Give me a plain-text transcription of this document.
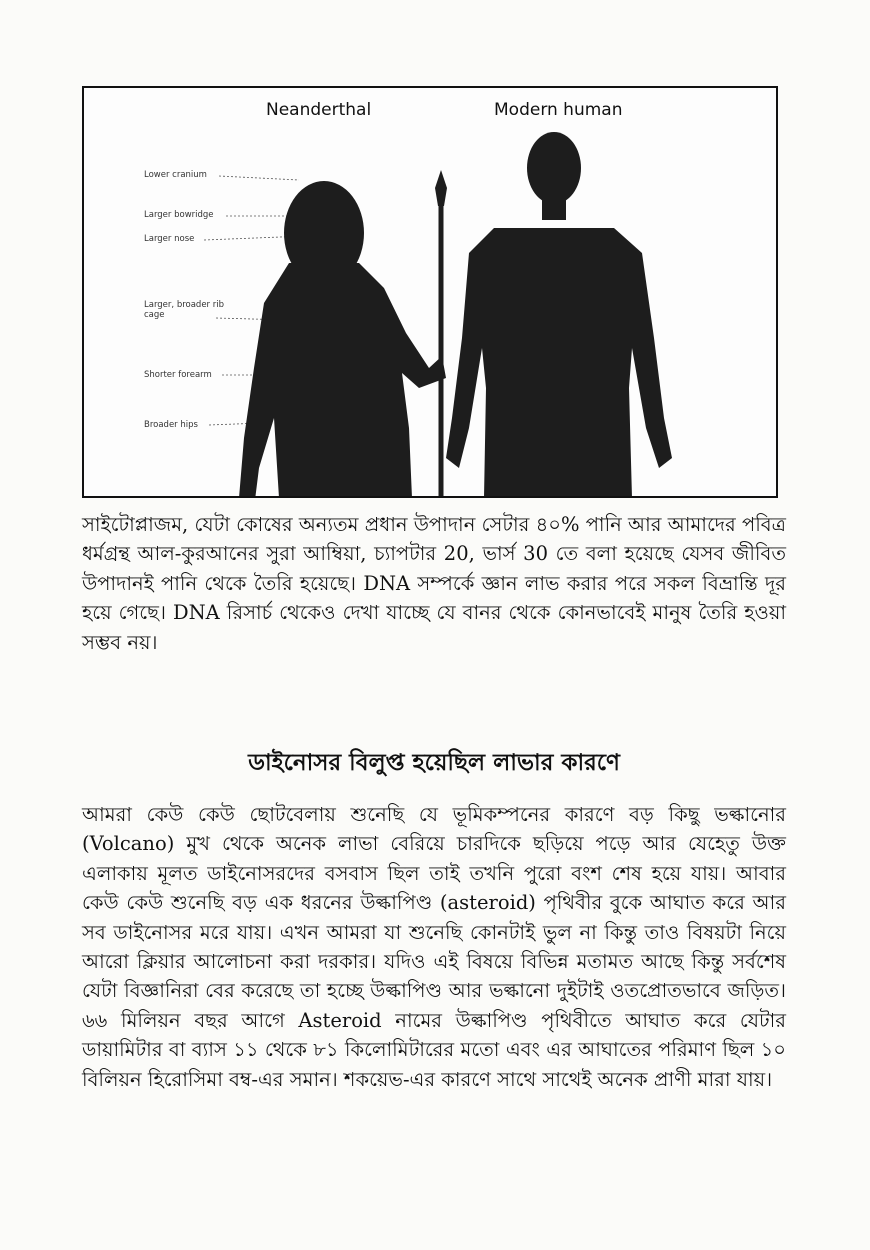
Neanderthal	Modern human
Lower cranium
Larger bowridge
Larger nose
Larger, broader rib cage
Shorter forearm
Broader hips

সাইটোপ্লাজম, যেটা কোষের অন্যতম প্রধান উপাদান সেটার ৪০% পানি আর আমাদের পবিত্র ধর্মগ্রন্থ আল-কুরআনের সুরা আম্বিয়া, চ্যাপটার 20, ভার্স 30 তে বলা হয়েছে যেসব জীবিত উপাদানই পানি থেকে তৈরি হয়েছে। DNA সম্পর্কে জ্ঞান লাভ করার পরে সকল বিভ্রান্তি দূর হয়ে গেছে। DNA রিসার্চ থেকেও দেখা যাচ্ছে যে বানর থেকে কোনভাবেই মানুষ তৈরি হওয়া সম্ভব নয়।

ডাইনোসর বিলুপ্ত হয়েছিল লাভার কারণে

আমরা কেউ কেউ ছোটবেলায় শুনেছি যে ভূমিকম্পনের কারণে বড় কিছু ভল্কানোর (Volcano) মুখ থেকে অনেক লাভা বেরিয়ে চারদিকে ছড়িয়ে পড়ে আর যেহেতু উক্ত এলাকায় মূলত ডাইনোসরদের বসবাস ছিল তাই তখনি পুরো বংশ শেষ হয়ে যায়। আবার কেউ কেউ শুনেছি বড় এক ধরনের উল্কাপিণ্ড (asteroid) পৃথিবীর বুকে আঘাত করে আর সব ডাইনোসর মরে যায়। এখন আমরা যা শুনেছি কোনটাই ভুল না কিন্তু তাও বিষয়টা নিয়ে আরো ক্লিয়ার আলোচনা করা দরকার। যদিও এই বিষয়ে বিভিন্ন মতামত আছে কিন্তু সর্বশেষ যেটা বিজ্ঞানিরা বের করেছে তা হচ্ছে উল্কাপিণ্ড আর ভল্কানো দুইটাই ওতপ্রোতভাবে জড়িত। ৬৬ মিলিয়ন বছর আগে Asteroid নামের উল্কাপিণ্ড পৃথিবীতে আঘাত করে যেটার ডায়ামিটার বা ব্যাস ১১ থেকে ৮১ কিলোমিটারের মতো এবং এর আঘাতের পরিমাণ ছিল ১০ বিলিয়ন হিরোসিমা বম্ব-এর সমান। শকয়েভ-এর কারণে সাথে সাথেই অনেক প্রাণী মারা যায়।
